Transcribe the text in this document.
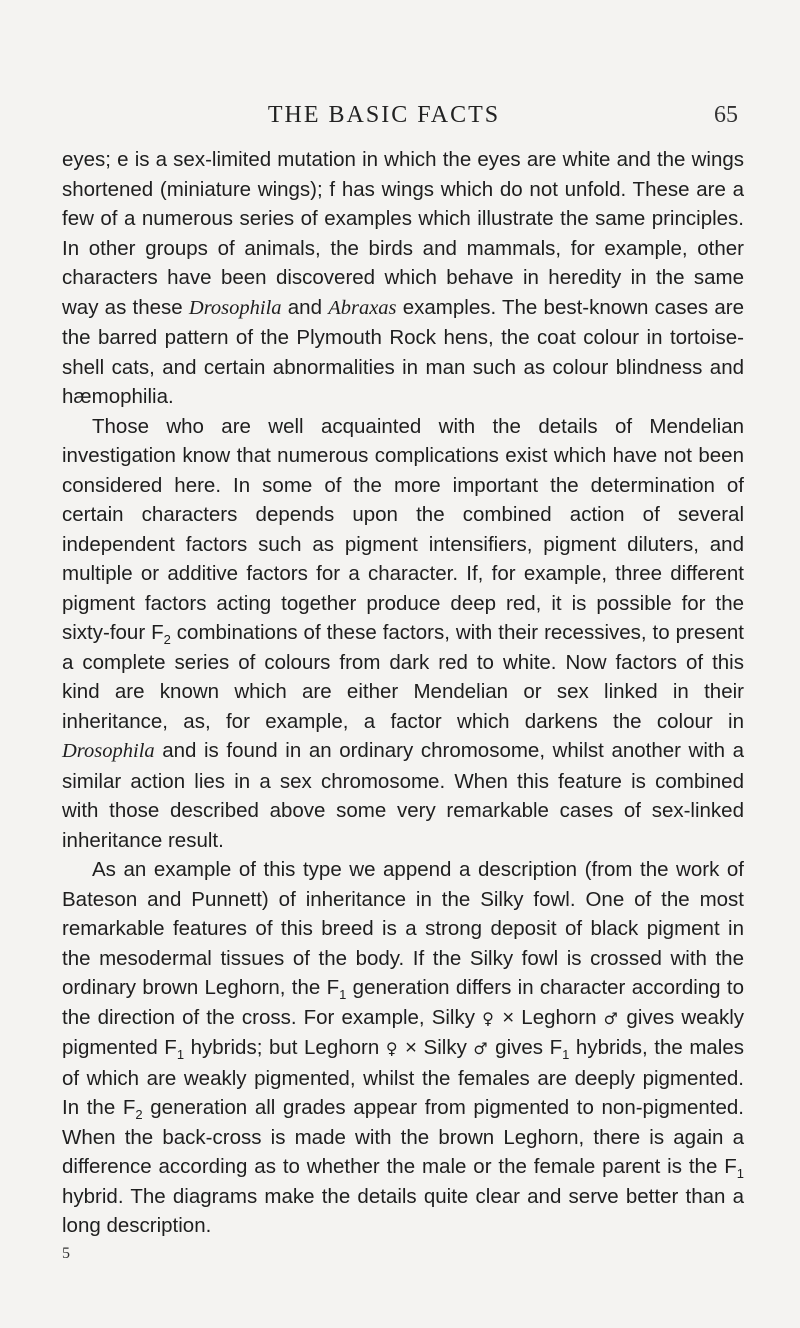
THE BASIC FACTS	65

eyes; e is a sex-limited mutation in which the eyes are white and the wings shortened (miniature wings); f has wings which do not unfold. These are a few of a numerous series of examples which illustrate the same principles. In other groups of animals, the birds and mammals, for example, other characters have been discovered which behave in heredity in the same way as these Drosophila and Abraxas examples. The best-known cases are the barred pattern of the Plymouth Rock hens, the coat colour in tortoise-shell cats, and certain abnormalities in man such as colour blindness and hæmophilia.

Those who are well acquainted with the details of Mendelian investigation know that numerous complications exist which have not been considered here. In some of the more important the determination of certain characters depends upon the combined action of several independent factors such as pigment intensifiers, pigment diluters, and multiple or additive factors for a character. If, for example, three different pigment factors acting together produce deep red, it is possible for the sixty-four $F_2$ combinations of these factors, with their recessives, to present a complete series of colours from dark red to white. Now factors of this kind are known which are either Mendelian or sex linked in their inheritance, as, for example, a factor which darkens the colour in Drosophila and is found in an ordinary chromosome, whilst another with a similar action lies in a sex chromosome. When this feature is combined with those described above some very remarkable cases of sex-linked inheritance result.

As an example of this type we append a description (from the work of Bateson and Punnett) of inheritance in the Silky fowl. One of the most remarkable features of this breed is a strong deposit of black pigment in the mesodermal tissues of the body. If the Silky fowl is crossed with the ordinary brown Leghorn, the $F_1$ generation differs in character according to the direction of the cross. For example, Silky ♀ × Leghorn ♂ gives weakly pigmented $F_1$ hybrids; but Leghorn ♀ × Silky ♂ gives $F_1$ hybrids, the males of which are weakly pigmented, whilst the females are deeply pigmented. In the $F_2$ generation all grades appear from pigmented to non-pigmented. When the back-cross is made with the brown Leghorn, there is again a difference according as to whether the male or the female parent is the $F_1$ hybrid. The diagrams make the details quite clear and serve better than a long description.

5
